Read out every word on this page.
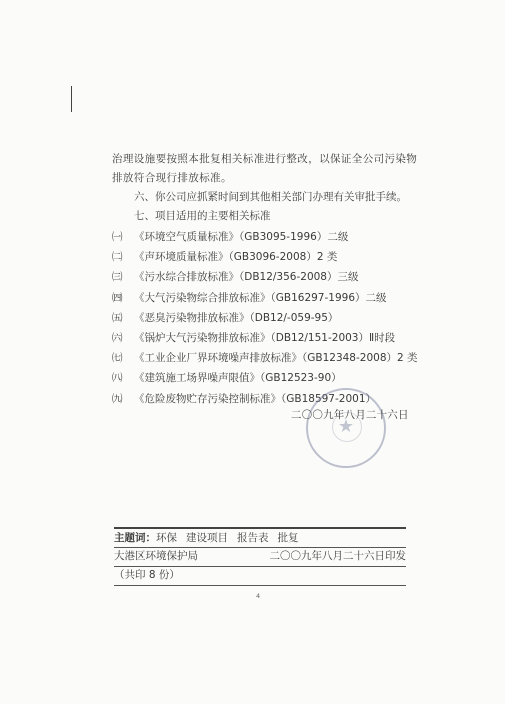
治理设施要按照本批复相关标准进行整改，以保证全公司污染物

排放符合现行排放标准。

六、你公司应抓紧时间到其他相关部门办理有关审批手续。

七、项目适用的主要相关标准

㈠	《环境空气质量标准》（GB3095-1996）二级
㈡	《声环境质量标准》（GB3096-2008）2 类
㈢	《污水综合排放标准》（DB12/356-2008）三级
㈣	《大气污染物综合排放标准》（GB16297-1996）二级
㈤	《恶臭污染物排放标准》（DB12/-059-95）
㈥	《锅炉大气污染物排放标准》（DB12/151-2003）Ⅱ时段
㈦	《工业企业厂界环境噪声排放标准》（GB12348-2008）2 类
㈧	《建筑施工场界噪声限值》（GB12523-90）
㈨	《危险废物贮存污染控制标准》（GB18597-2001）
★
二〇〇九年八月二十六日
主题词：环保 建设项目 报告表 批复
大港区环境保护局	二〇〇九年八月二十六日印发
（共印 8 份）
4
